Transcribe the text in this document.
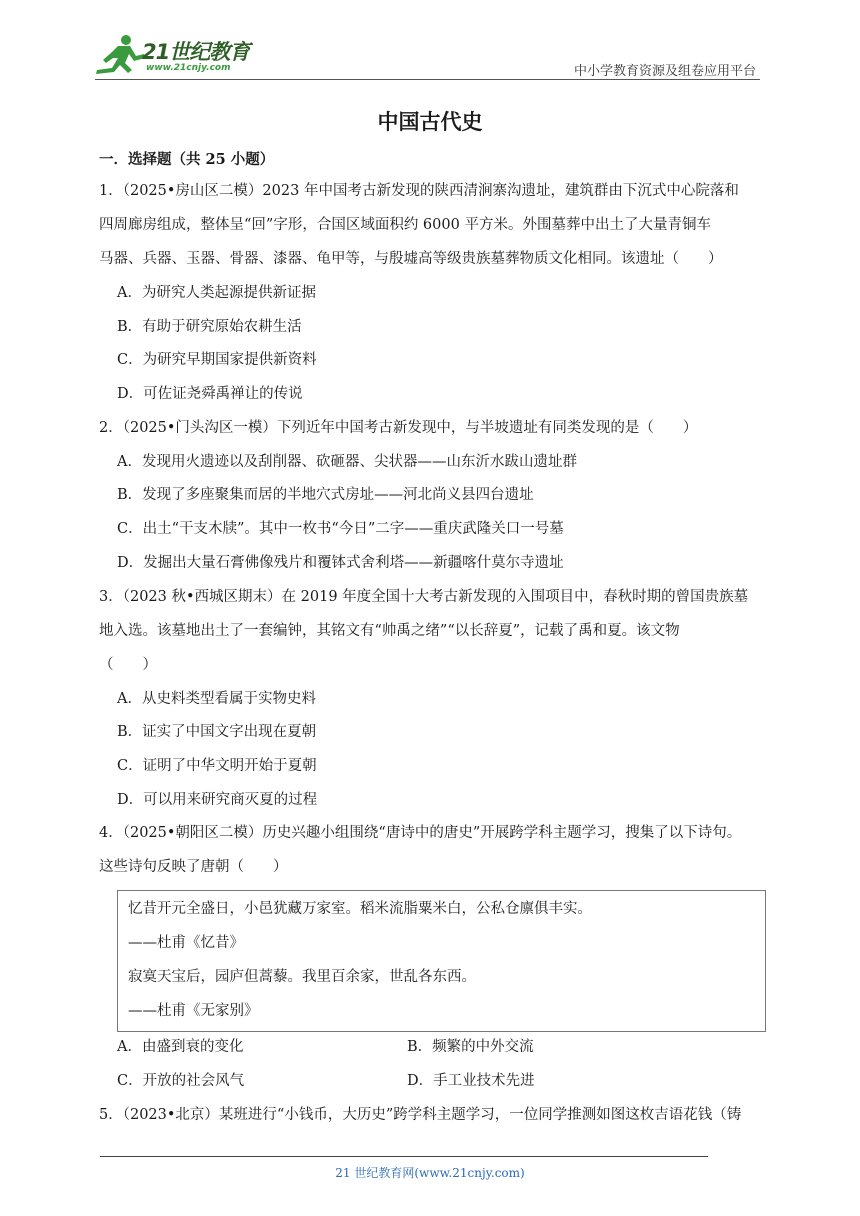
21世纪教育
www.21cnjy.com	中小学教育资源及组卷应用平台
中国古代史
一．选择题（共 25 小题）
1．（2025•房山区二模）2023 年中国考古新发现的陕西清涧寨沟遗址，建筑群由下沉式中心院落和
四周廊房组成，整体呈“回”字形，合国区域面积约 6000 平方米。外围墓葬中出土了大量青铜车
马器、兵器、玉器、骨器、漆器、龟甲等，与殷墟高等级贵族墓葬物质文化相同。该遗址（　　）
A．为研究人类起源提供新证据
B．有助于研究原始农耕生活
C．为研究早期国家提供新资料
D．可佐证尧舜禹禅让的传说
2．（2025•门头沟区一模）下列近年中国考古新发现中，与半坡遗址有同类发现的是（　　）
A．发现用火遗迹以及刮削器、砍砸器、尖状器——山东沂水跋山遗址群
B．发现了多座聚集而居的半地穴式房址——河北尚义县四台遗址
C．出土“干支木牍”。其中一枚书“今日”二字——重庆武隆关口一号墓
D．发掘出大量石膏佛像残片和覆钵式舍利塔——新疆喀什莫尔寺遗址
3．（2023 秋•西城区期末）在 2019 年度全国十大考古新发现的入围项目中，春秋时期的曾国贵族墓
地入选。该墓地出土了一套编钟，其铭文有“帅禹之绪”“以长辞夏”，记载了禹和夏。该文物
（　　）
A．从史料类型看属于实物史料
B．证实了中国文字出现在夏朝
C．证明了中华文明开始于夏朝
D．可以用来研究商灭夏的过程
4．（2025•朝阳区二模）历史兴趣小组围绕“唐诗中的唐史”开展跨学科主题学习，搜集了以下诗句。
这些诗句反映了唐朝（　　）
忆昔开元全盛日，小邑犹藏万家室。稻米流脂粟米白，公私仓廪俱丰实。
——杜甫《忆昔》
寂寞天宝后，园庐但蒿藜。我里百余家，世乱各东西。
——杜甫《无家别》
A．由盛到衰的变化	B．频繁的中外交流
C．开放的社会风气	D．手工业技术先进
5．（2023•北京）某班进行“小钱币，大历史”跨学科主题学习，一位同学推测如图这枚吉语花钱（铸
21 世纪教育网(www.21cnjy.com)
